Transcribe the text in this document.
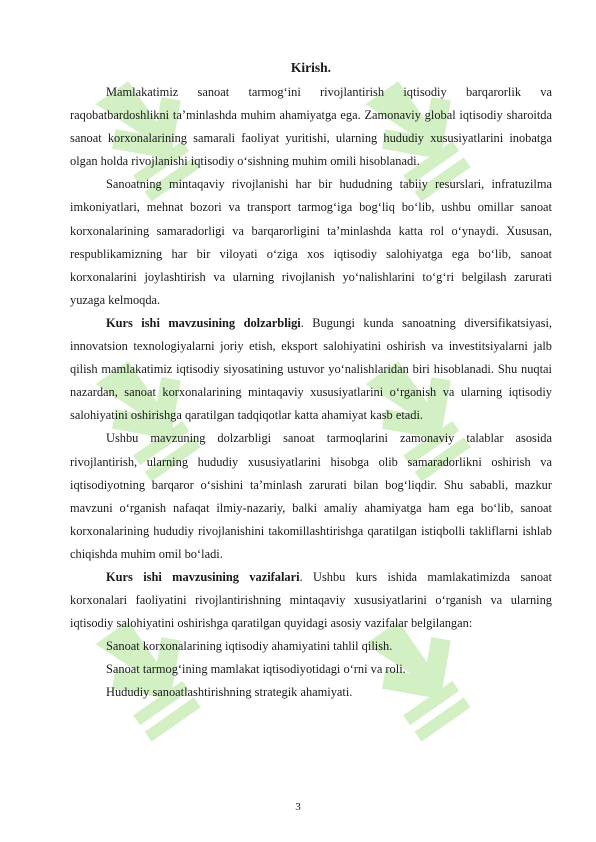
Kirish.

Mamlakatimiz sanoat tarmog‘ini rivojlantirish iqtisodiy barqarorlik va raqobatbardoshlikni ta’minlashda muhim ahamiyatga ega. Zamonaviy global iqtisodiy sharoitda sanoat korxonalarining samarali faoliyat yuritishi, ularning hududiy xususiyatlarini inobatga olgan holda rivojlanishi iqtisodiy o‘sishning muhim omili hisoblanadi.

Sanoatning mintaqaviy rivojlanishi har bir hududning tabiiy resurslari, infratuzilma imkoniyatlari, mehnat bozori va transport tarmog‘iga bog‘liq bo‘lib, ushbu omillar sanoat korxonalarining samaradorligi va barqarorligini ta’minlashda katta rol o‘ynaydi. Xususan, respublikamizning har bir viloyati o‘ziga xos iqtisodiy salohiyatga ega bo‘lib, sanoat korxonalarini joylashtirish va ularning rivojlanish yo‘nalishlarini to‘g‘ri belgilash zarurati yuzaga kelmoqda.

Kurs ishi mavzusining dolzarbligi. Bugungi kunda sanoatning diversifikatsiyasi, innovatsion texnologiyalarni joriy etish, eksport salohiyatini oshirish va investitsiyalarni jalb qilish mamlakatimiz iqtisodiy siyosatining ustuvor yo‘nalishlaridan biri hisoblanadi. Shu nuqtai nazardan, sanoat korxonalarining mintaqaviy xususiyatlarini o‘rganish va ularning iqtisodiy salohiyatini oshirishga qaratilgan tadqiqotlar katta ahamiyat kasb etadi.

Ushbu mavzuning dolzarbligi sanoat tarmoqlarini zamonaviy talablar asosida rivojlantirish, ularning hududiy xususiyatlarini hisobga olib samaradorlikni oshirish va iqtisodiyotning barqaror o‘sishini ta’minlash zarurati bilan bog‘liqdir. Shu sababli, mazkur mavzuni o‘rganish nafaqat ilmiy-nazariy, balki amaliy ahamiyatga ham ega bo‘lib, sanoat korxonalarining hududiy rivojlanishini takomillashtirishga qaratilgan istiqbolli takliflarni ishlab chiqishda muhim omil bo‘ladi.

Kurs ishi mavzusining vazifalari. Ushbu kurs ishida mamlakatimizda sanoat korxonalari faoliyatini rivojlantirishning mintaqaviy xususiyatlarini o‘rganish va ularning iqtisodiy salohiyatini oshirishga qaratilgan quyidagi asosiy vazifalar belgilangan:

Sanoat korxonalarining iqtisodiy ahamiyatini tahlil qilish.
Sanoat tarmog‘ining mamlakat iqtisodiyotidagi o‘rni va roli.
Hududiy sanoatlashtirishning strategik ahamiyati.
3
